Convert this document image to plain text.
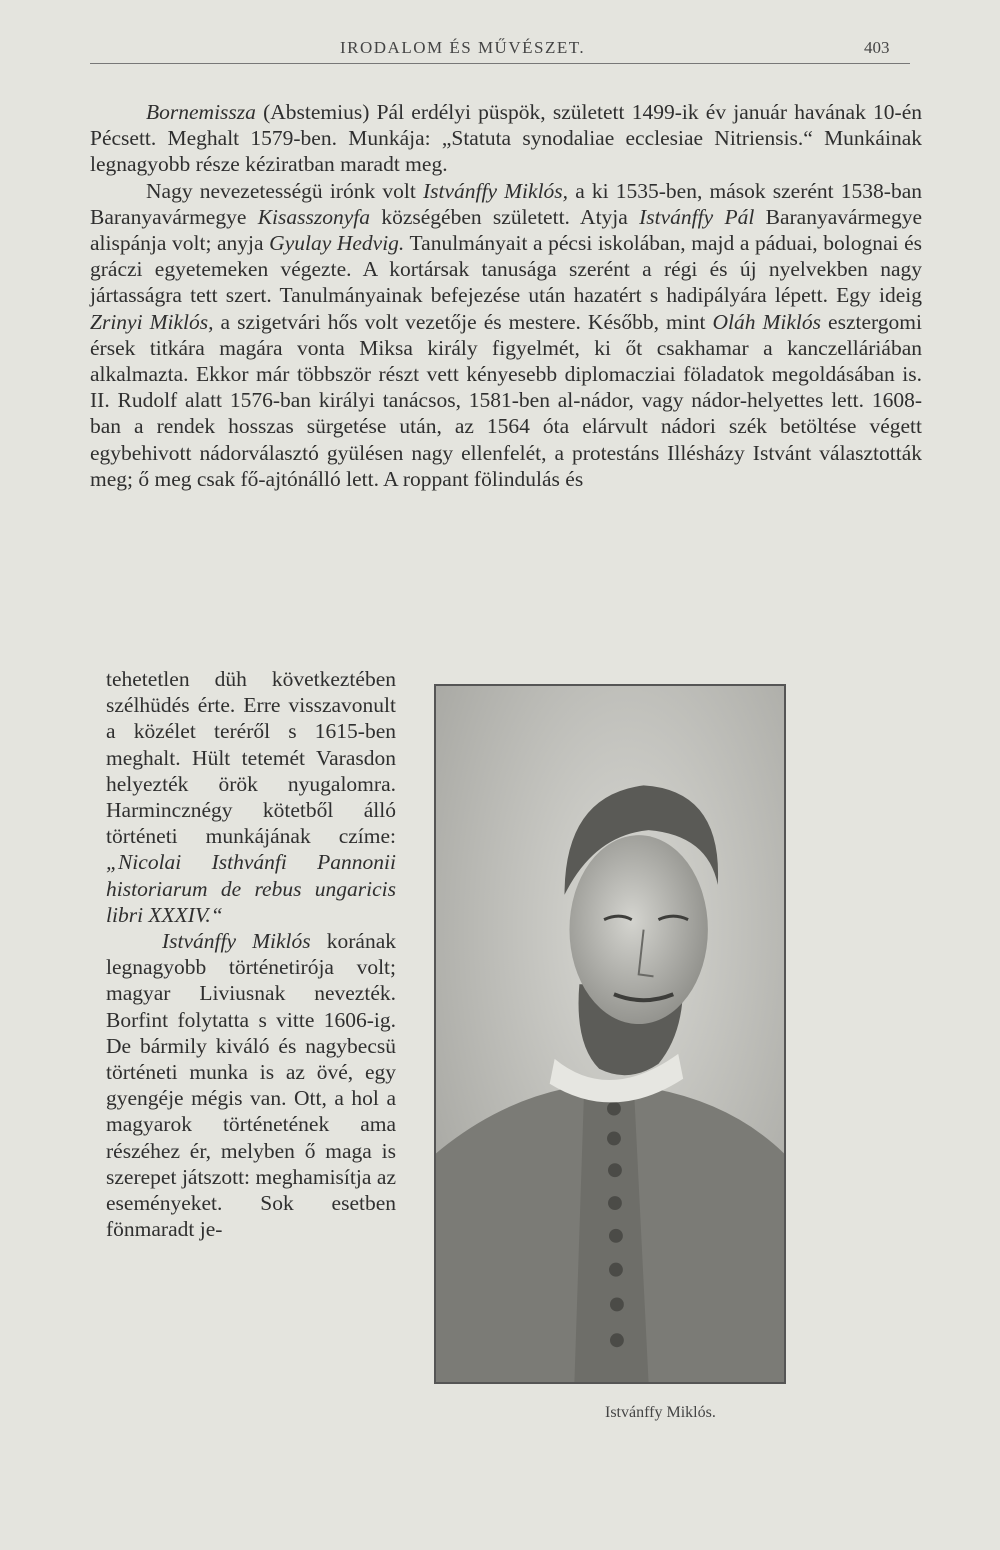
IRODALOM ÉS MŰVÉSZET.	403

Bornemissza (Abstemius) Pál erdélyi püspök, született 1499-ik év január havának 10-én Pécsett. Meghalt 1579-ben. Munkája: „Statuta synodaliae ecclesiae Nitriensis.“ Munkáinak legnagyobb része kéziratban maradt meg.

Nagy nevezetességü irónk volt Istvánffy Miklós, a ki 1535-ben, mások szerént 1538-ban Baranyavármegye Kisasszonyfa községében született. Atyja Istvánffy Pál Baranyavármegye alispánja volt; anyja Gyulay Hedvig. Tanulmányait a pécsi iskolában, majd a páduai, bolognai és gráczi egyetemeken végezte. A kortársak tanusága szerént a régi és új nyelvekben nagy jártasságra tett szert. Tanulmányainak befejezése után hazatért s hadipályára lépett. Egy ideig Zrinyi Miklós, a szigetvári hős volt vezetője és mestere. Később, mint Oláh Miklós esztergomi érsek titkára magára vonta Miksa király figyelmét, ki őt csakhamar a kanczelláriában alkalmazta. Ekkor már többször részt vett kényesebb diplomacziai föladatok megoldásában is. II. Rudolf alatt 1576-ban királyi tanácsos, 1581-ben al-nádor, vagy nádor-helyettes lett. 1608-ban a rendek hosszas sürgetése után, az 1564 óta elárvult nádori szék betöltése végett egybehivott nádorválasztó gyülésen nagy ellenfelét, a protestáns Illésházy Istvánt választották meg; ő meg csak fő-ajtónálló lett. A roppant fölindulás és

tehetetlen düh következtében szélhüdés érte. Erre visszavonult a közélet teréről s 1615-ben meghalt. Hült tetemét Varasdon helyezték örök nyugalomra. Harmincznégy kötetből álló történeti munkájának czíme: „Nicolai Isthvánfi Pannonii historiarum de rebus ungaricis libri XXXIV.“

Istvánffy Miklós korának legnagyobb történetirója volt; magyar Liviusnak nevezték. Borfint folytatta s vitte 1606-ig. De bármily kiváló és nagybecsü történeti munka is az övé, egy gyengéje mégis van. Ott, a hol a magyarok történetének ama részéhez ér, melyben ő maga is szerepet játszott: meghamisítja az eseményeket. Sok esetben fönmaradt je-

Istvánffy Miklós.
